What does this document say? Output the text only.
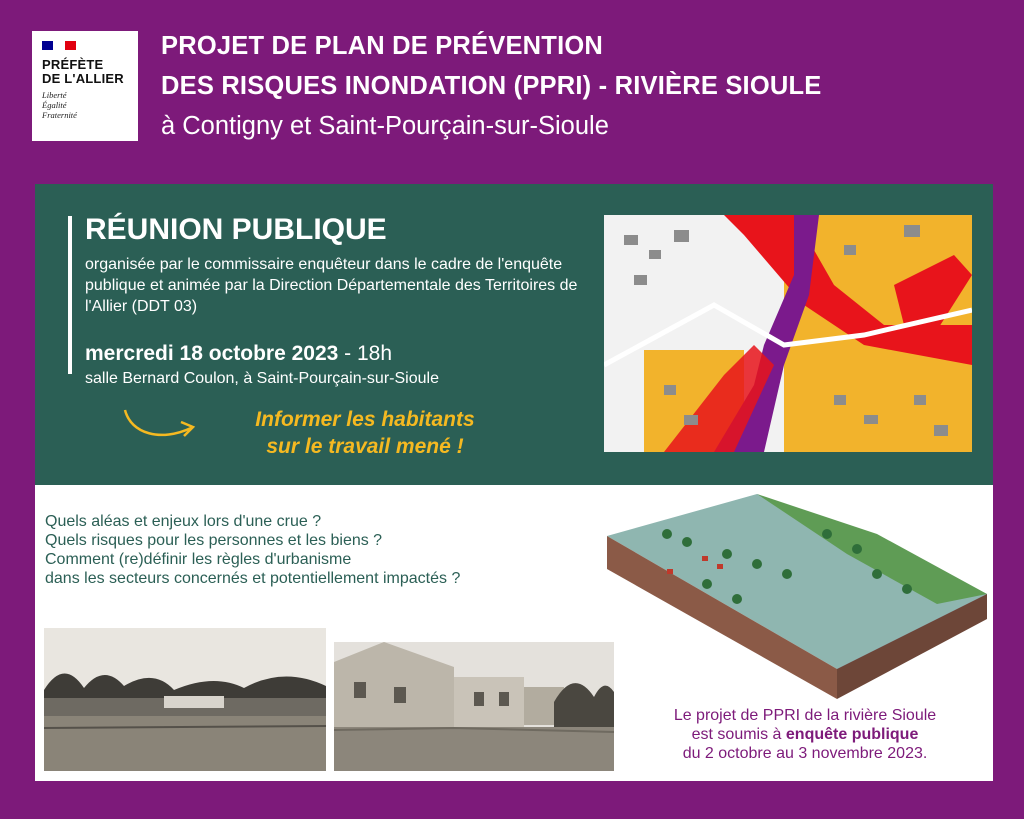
PRÉFÈTE
DE L'ALLIER
Liberté
Égalité
Fraternité
PROJET DE PLAN DE PRÉVENTION
DES RISQUES INONDATION (PPRI) - RIVIÈRE SIOULE
à Contigny et Saint-Pourçain-sur-Sioule
RÉUNION PUBLIQUE
organisée par le commissaire enquêteur dans le cadre de l'enquête publique et animée par la Direction Départementale des Territoires de l'Allier (DDT 03)
mercredi 18 octobre 2023 - 18h
salle Bernard Coulon, à Saint-Pourçain-sur-Sioule
Informer les habitants
sur le travail mené !
Quels aléas et enjeux lors d'une crue ?
Quels risques pour les personnes et les biens ?
Comment (re)définir les règles d'urbanisme
dans les secteurs concernés et potentiellement impactés ?
Le projet de PPRI de la rivière Sioule
est soumis à enquête publique
du 2 octobre au 3 novembre 2023.
